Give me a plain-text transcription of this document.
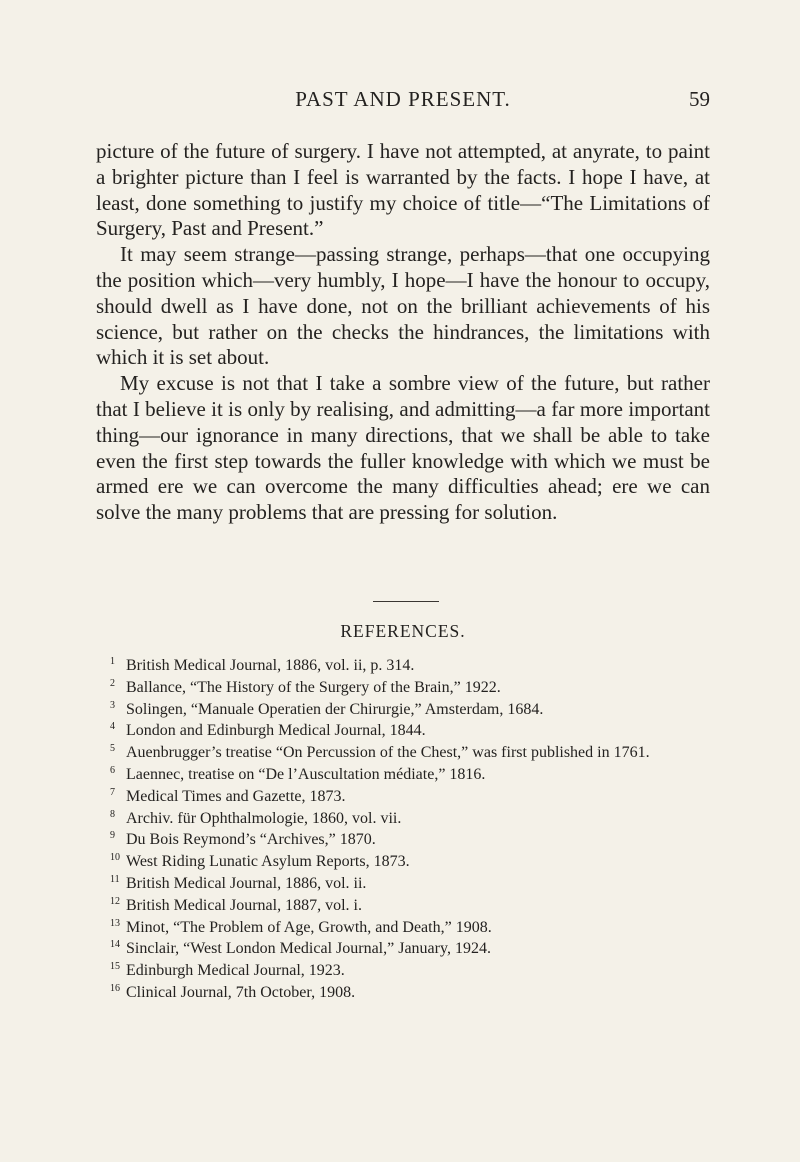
PAST AND PRESENT.	59

picture of the future of surgery. I have not attempted, at anyrate, to paint a brighter picture than I feel is warranted by the facts. I hope I have, at least, done something to justify my choice of title—“The Limitations of Surgery, Past and Present.”

It may seem strange—passing strange, perhaps—that one occupying the position which—very humbly, I hope—I have the honour to occupy, should dwell as I have done, not on the brilliant achievements of his science, but rather on the checks the hindrances, the limitations with which it is set about.

My excuse is not that I take a sombre view of the future, but rather that I believe it is only by realising, and admitting—a far more important thing—our ignorance in many directions, that we shall be able to take even the first step towards the fuller knowledge with which we must be armed ere we can overcome the many difficulties ahead; ere we can solve the many problems that are pressing for solution.

REFERENCES.
1 British Medical Journal, 1886, vol. ii, p. 314.
2 Ballance, “The History of the Surgery of the Brain,” 1922.
3 Solingen, “Manuale Operatien der Chirurgie,” Amsterdam, 1684.
4 London and Edinburgh Medical Journal, 1844.
5 Auenbrugger’s treatise “On Percussion of the Chest,” was first published in 1761.
6 Laennec, treatise on “De l’Auscultation médiate,” 1816.
7 Medical Times and Gazette, 1873.
8 Archiv. für Ophthalmologie, 1860, vol. vii.
9 Du Bois Reymond’s “Archives,” 1870.
10 West Riding Lunatic Asylum Reports, 1873.
11 British Medical Journal, 1886, vol. ii.
12 British Medical Journal, 1887, vol. i.
13 Minot, “The Problem of Age, Growth, and Death,” 1908.
14 Sinclair, “West London Medical Journal,” January, 1924.
15 Edinburgh Medical Journal, 1923.
16 Clinical Journal, 7th October, 1908.
